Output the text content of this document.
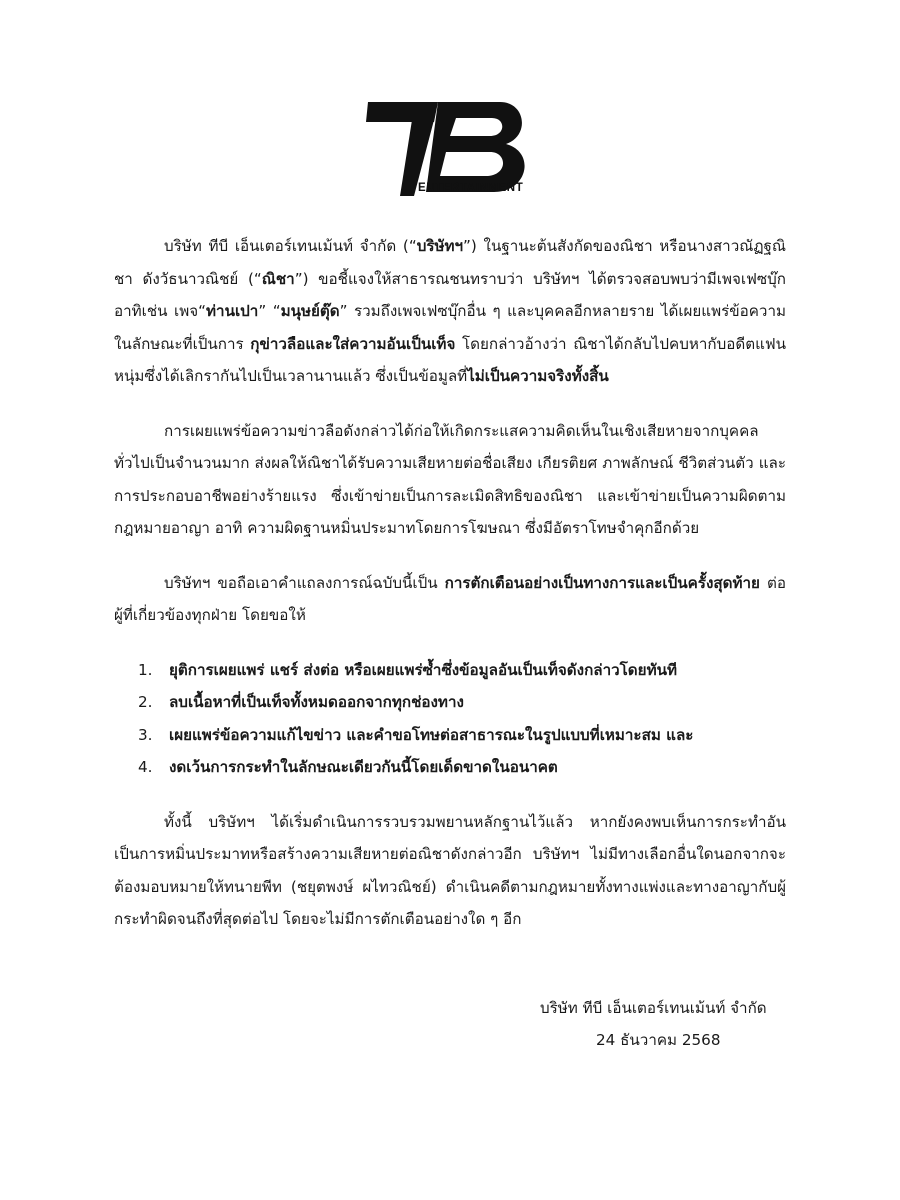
ENTERTAINMENT

บริษัท ทีบี เอ็นเตอร์เทนเม้นท์ จำกัด (“บริษัทฯ”) ในฐานะต้นสังกัดของณิชา หรือนางสาวณัฏฐณิชา ดังวัธนาวณิชย์ (“ณิชา”) ขอชี้แจงให้สาธารณชนทราบว่า บริษัทฯ ได้ตรวจสอบพบว่ามีเพจเฟซบุ๊ก อาทิเช่น เพจ“ท่านเปา” “มนุษย์ตุ๊ด” รวมถึงเพจเฟซบุ๊กอื่น ๆ และบุคคลอีกหลายราย ได้เผยแพร่ข้อความในลักษณะที่เป็นการ กุข่าวลือและใส่ความอันเป็นเท็จ โดยกล่าวอ้างว่า ณิชาได้กลับไปคบหากับอดีตแฟนหนุ่มซึ่งได้เลิกรากันไปเป็นเวลานานแล้ว ซึ่งเป็นข้อมูลที่ไม่เป็นความจริงทั้งสิ้น

การเผยแพร่ข้อความข่าวลือดังกล่าวได้ก่อให้เกิดกระแสความคิดเห็นในเชิงเสียหายจากบุคคลทั่วไปเป็นจำนวนมาก ส่งผลให้ณิชาได้รับความเสียหายต่อชื่อเสียง เกียรติยศ ภาพลักษณ์ ชีวิตส่วนตัว และการประกอบอาชีพอย่างร้ายแรง ซึ่งเข้าข่ายเป็นการละเมิดสิทธิของณิชา และเข้าข่ายเป็นความผิดตามกฎหมายอาญา อาทิ ความผิดฐานหมิ่นประมาทโดยการโฆษณา ซึ่งมีอัตราโทษจำคุกอีกด้วย

บริษัทฯ ขอถือเอาคำแถลงการณ์ฉบับนี้เป็น การตักเตือนอย่างเป็นทางการและเป็นครั้งสุดท้าย ต่อผู้ที่เกี่ยวข้องทุกฝ่าย โดยขอให้

1. ยุติการเผยแพร่ แชร์ ส่งต่อ หรือเผยแพร่ซ้ำซึ่งข้อมูลอันเป็นเท็จดังกล่าวโดยทันที
2. ลบเนื้อหาที่เป็นเท็จทั้งหมดออกจากทุกช่องทาง
3. เผยแพร่ข้อความแก้ไขข่าว และคำขอโทษต่อสาธารณะในรูปแบบที่เหมาะสม และ
4. งดเว้นการกระทำในลักษณะเดียวกันนี้โดยเด็ดขาดในอนาคต

ทั้งนี้ บริษัทฯ ได้เริ่มดำเนินการรวบรวมพยานหลักฐานไว้แล้ว หากยังคงพบเห็นการกระทำอันเป็นการหมิ่นประมาทหรือสร้างความเสียหายต่อณิชาดังกล่าวอีก บริษัทฯ ไม่มีทางเลือกอื่นใดนอกจากจะต้องมอบหมายให้ทนายพีท (ชยุตพงษ์ ผไทวณิชย์) ดำเนินคดีตามกฎหมายทั้งทางแพ่งและทางอาญากับผู้กระทำผิดจนถึงที่สุดต่อไป โดยจะไม่มีการตักเตือนอย่างใด ๆ อีก

บริษัท ทีบี เอ็นเตอร์เทนเม้นท์ จำกัด
24 ธันวาคม 2568
